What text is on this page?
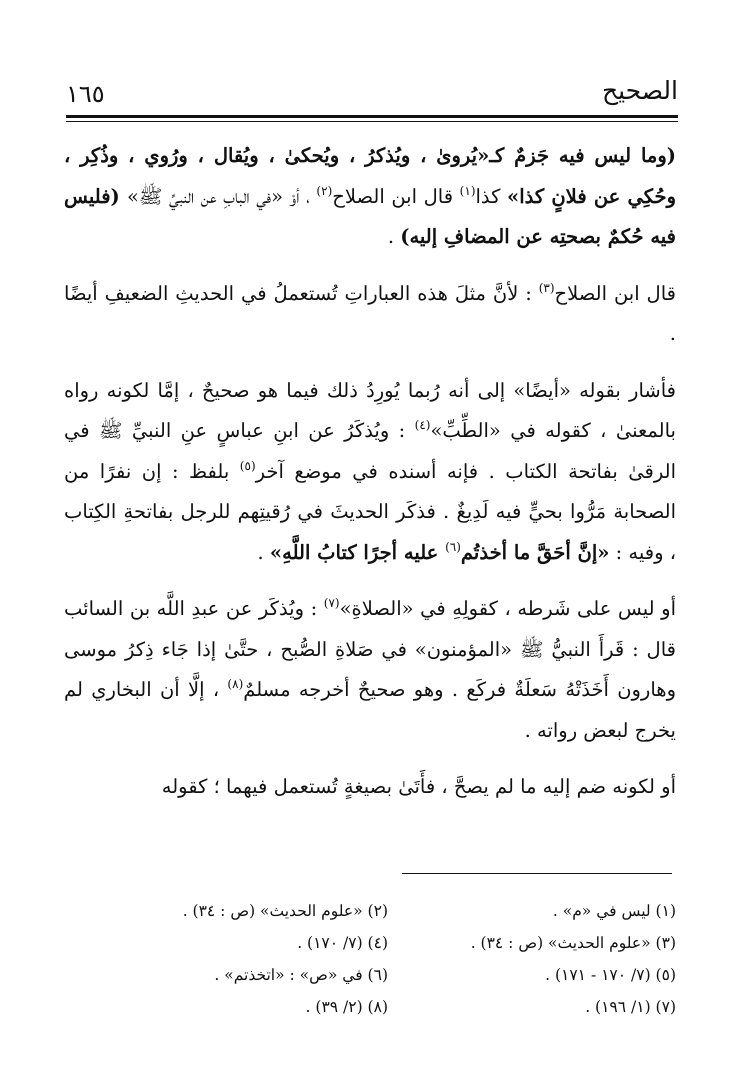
الصحيح
١٦٥

(وما ليس فيه جَزمٌ كـ«يُروىٰ ، ويُذكرُ ، ويُحكىٰ ، ويُقال ، ورُوي ، وذُكِر ، وحُكِي عن فلانٍ كذا» كذا$^{(١)}$ قال ابن الصلاح$^{(٢)}$ ، أوْ «في البابِ عن النبيِّ ﷺ» (فليس فيه حُكمٌ بصحتِه عن المضافِ إليه) .

قال ابن الصلاح$^{(٣)}$ : لأنَّ مثلَ هذه العباراتِ تُستعملُ في الحديثِ الضعيفِ أيضًا .

فأشار بقوله «أيضًا» إلى أنه رُبما يُورِدُ ذلك فيما هو صحيحٌ ، إمَّا لكونه رواه بالمعنىٰ ، كقوله في «الطِّبِّ»$^{(٤)}$ : ويُذكَرُ عن ابنِ عباسٍ عنِ النبيِّ ﷺ في الرقىٰ بفاتحة الكتاب . فإنه أسنده في موضع آخر$^{(٥)}$ بلفظ : إن نفرًا من الصحابة مَرُّوا بحيٍّ فيه لَدِيغٌ . فذكَر الحديثَ في رُقيتِهم للرجل بفاتحةِ الكِتاب ، وفيه : «إنَّ أحَقَّ ما أخذتُم$^{(٦)}$ عليه أجرًا كتابُ اللَّهِ» .

أو ليس على شَرطه ، كقولِهِ في «الصلاةِ»$^{(٧)}$ : ويُذكَر عن عبدِ اللَّه بن السائب قال : قَرأَ النبيُّ ﷺ «المؤمنون» في صَلاةِ الصُّبح ، حتَّىٰ إذا جَاء ذِكرُ موسى وهارون أَخَذَتْهُ سَعلَةٌ فركَع . وهو صحيحٌ أخرجه مسلمٌ$^{(٨)}$ ، إلَّا أن البخاري لم يخرج لبعض رواته .

أو لكونه ضم إليه ما لم يصحَّ ، فأَتَىٰ بصيغةٍ تُستعمل فيهما ؛ كقوله

(١) ليس في «م» .
(٢) «علوم الحديث» (ص : ٣٤) .
(٣) «علوم الحديث» (ص : ٣٤) .
(٤) (٧/ ١٧٠) .
(٥) (٧/ ١٧٠ - ١٧١) .
(٦) في «ص» : «اتخذتم» .
(٧) (١/ ١٩٦) .
(٨) (٢/ ٣٩) .
